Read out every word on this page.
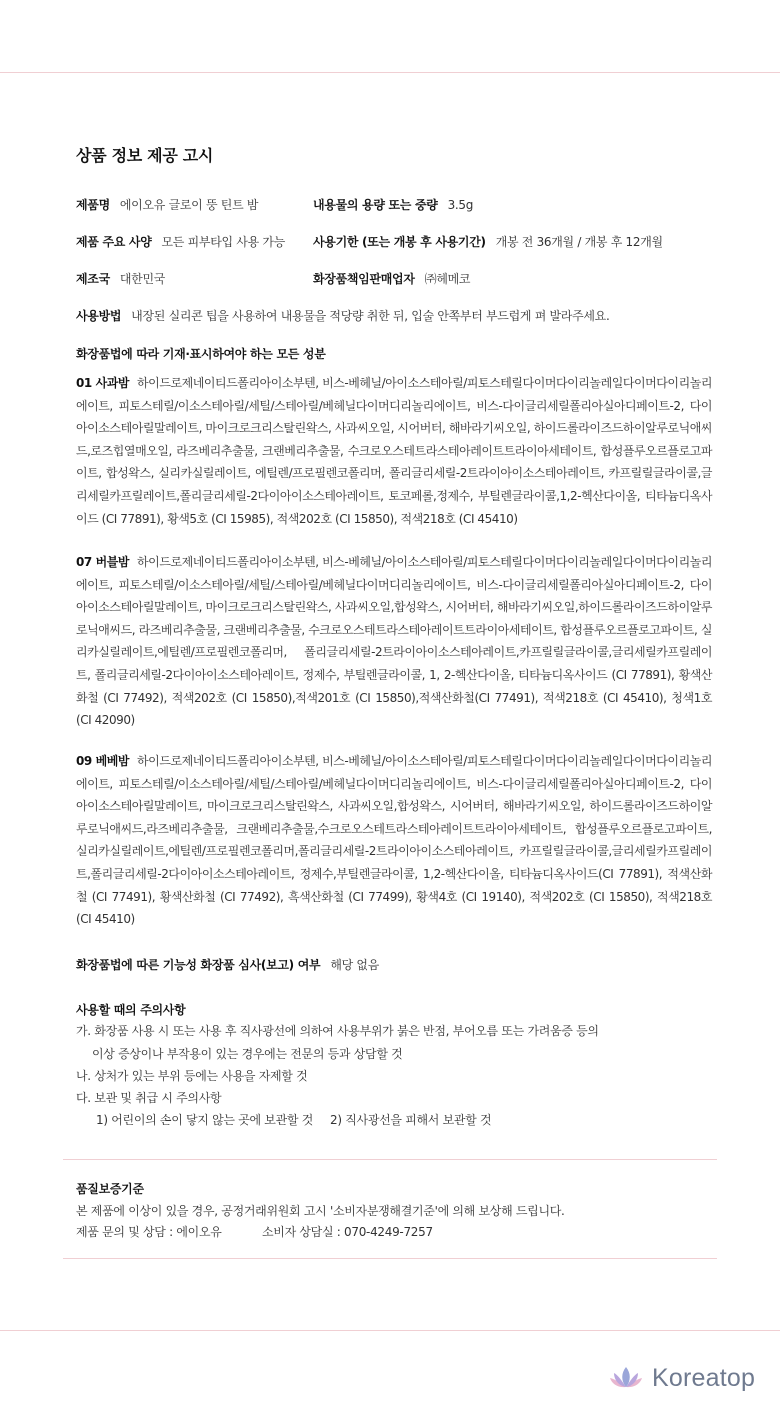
상품 정보 제공 고시
제품명 에이오유 글로이 뚱 틴트 밤	내용물의 용량 또는 중량 3.5g
제품 주요 사양 모든 피부타입 사용 가능 사용기한 (또는 개봉 후 사용기간) 개봉 전 36개월 / 개봉 후 12개월
제조국 대한민국	화장품책임판매업자 ㈜헤메코
사용방법 내장된 실리콘 팁을 사용하여 내용물을 적당량 취한 뒤, 입술 안쪽부터 부드럽게 펴 발라주세요.
화장품법에 따라 기재·표시하여야 하는 모든 성분
01 사과밤 하이드로제네이티드폴리아이소부텐, 비스-베헤닐/아이소스테아릴/피토스테릴다이머다이리놀레일다이머다이리놀리에이트, 피토스테릴/이소스테아릴/세틸/스테아릴/베헤닐다이머디리놀리에이트, 비스-다이글리세릴폴리아실아디페이트-2, 다이아이소스테아릴말레이트, 마이크로크리스탈린왁스, 사과씨오일, 시어버터, 해바라기씨오일, 하이드롤라이즈드하이알루로닉애씨드,로즈힙열매오일, 라즈베리추출물, 크랜베리추출물, 수크로오스테트라스테아레이트트라이아세테이트, 합성플루오르플로고파이트, 합성왁스, 실리카실릴레이트, 에틸렌/프로필렌코폴리머, 폴리글리세릴-2트라이아이소스테아레이트, 카프릴릴글라이콜,글리세릴카프릴레이트,폴리글리세릴-2다이아이소스테아레이트, 토코페롤,정제수, 부틸렌글라이콜,1,2-헥산다이올, 티타늄디옥사이드 (CI 77891), 황색5호 (CI 15985), 적색202호 (CI 15850), 적색218호 (CI 45410)
07 버블밤 하이드로제네이티드폴리아이소부텐, 비스-베헤닐/아이소스테아릴/피토스테릴다이머다이리놀레일다이머다이리놀리에이트, 피토스테릴/이소스테아릴/세틸/스테아릴/베헤닐다이머디리놀리에이트, 비스-다이글리세릴폴리아실아디페이트-2, 다이아이소스테아릴말레이트, 마이크로크리스탈린왁스, 사과씨오일,합성왁스, 시어버터, 해바라기씨오일,하이드롤라이즈드하이알루로닉애씨드, 라즈베리추출물, 크랜베리추출물, 수크로오스테트라스테아레이트트라이아세테이트, 합성플루오르플로고파이트, 실리카실릴레이트,에틸렌/프로필렌코폴리머, 폴리글리세릴-2트라이아이소스테아레이트,카프릴릴글라이콜,글리세릴카프릴레이트, 폴리글리세릴-2다이아이소스테아레이트, 정제수, 부틸렌글라이콜, 1, 2-헥산다이올, 티타늄디옥사이드 (CI 77891), 황색산화철 (CI 77492), 적색202호 (CI 15850),적색201호 (CI 15850),적색산화철(CI 77491), 적색218호 (CI 45410), 청색1호 (CI 42090)
09 베베밤 하이드로제네이티드폴리아이소부텐, 비스-베헤닐/아이소스테아릴/피토스테릴다이머다이리놀레일다이머다이리놀리에이트, 피토스테릴/이소스테아릴/세틸/스테아릴/베헤닐다이머디리놀리에이트, 비스-다이글리세릴폴리아실아디페이트-2, 다이아이소스테아릴말레이트, 마이크로크리스탈린왁스, 사과씨오일,합성왁스, 시어버터, 해바라기씨오일, 하이드롤라이즈드하이알루로닉애씨드,라즈베리추출물, 크랜베리추출물,수크로오스테트라스테아레이트트라이아세테이트, 합성플루오르플로고파이트,실리카실릴레이트,에틸렌/프로필렌코폴리머,폴리글리세릴-2트라이아이소스테아레이트, 카프릴릴글라이콜,글리세릴카프릴레이트,폴리글리세릴-2다이아이소스테아레이트, 정제수,부틸렌글라이콜, 1,2-헥산다이올, 티타늄디옥사이드(CI 77891), 적색산화철 (CI 77491), 황색산화철 (CI 77492), 흑색산화철 (CI 77499), 황색4호 (CI 19140), 적색202호 (CI 15850), 적색218호 (CI 45410)
화장품법에 따른 기능성 화장품 심사(보고) 여부 해당 없음
사용할 때의 주의사항
가. 화장품 사용 시 또는 사용 후 직사광선에 의하여 사용부위가 붉은 반점, 부어오름 또는 가려움증 등의
이상 증상이나 부작용이 있는 경우에는 전문의 등과 상담할 것
나. 상처가 있는 부위 등에는 사용을 자제할 것
다. 보관 및 취급 시 주의사항
1) 어린이의 손이 닿지 않는 곳에 보관할 것 2) 직사광선을 피해서 보관할 것
품질보증기준
본 제품에 이상이 있을 경우, 공정거래위원회 고시 '소비자분쟁해결기준'에 의해 보상해 드립니다.
제품 문의 및 상담 : 에이오유	소비자 상담실 : 070-4249-7257
Koreatop
